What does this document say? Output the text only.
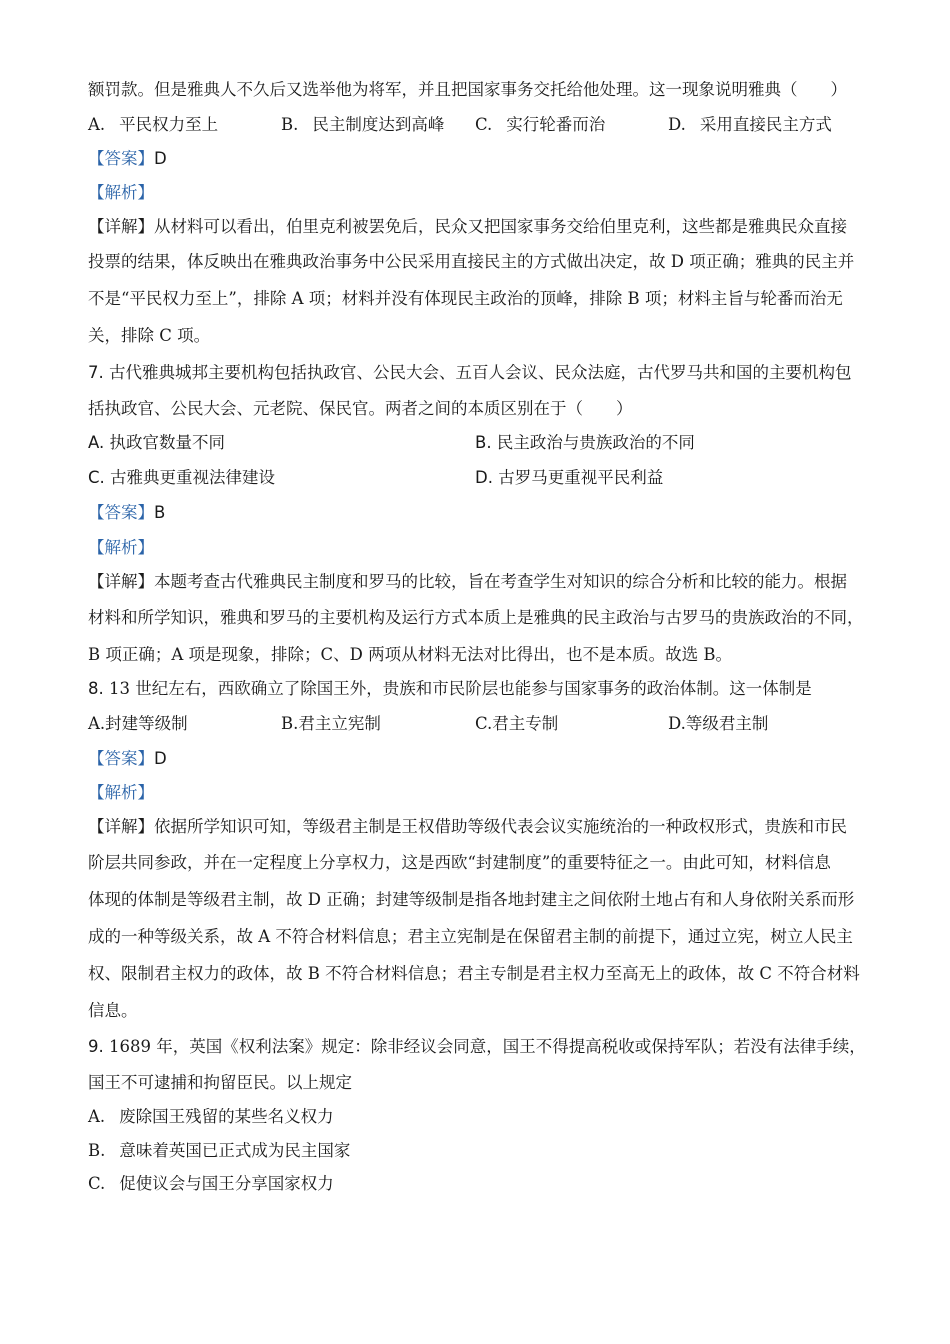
额罚款。但是雅典人不久后又选举他为将军，并且把国家事务交托给他处理。这一现象说明雅典（　　）
A. 平民权力至上	B. 民主制度达到高峰 C. 实行轮番而治	D. 采用直接民主方式
【答案】D
【解析】
【详解】从材料可以看出，伯里克利被罢免后，民众又把国家事务交给伯里克利，这些都是雅典民众直接
投票的结果，体反映出在雅典政治事务中公民采用直接民主的方式做出决定，故 D 项正确；雅典的民主并
不是“平民权力至上”，排除 A 项；材料并没有体现民主政治的顶峰，排除 B 项；材料主旨与轮番而治无
关，排除 C 项。
7. 古代雅典城邦主要机构包括执政官、公民大会、五百人会议、民众法庭，古代罗马共和国的主要机构包
括执政官、公民大会、元老院、保民官。两者之间的本质区别在于（　　）
A. 执政官数量不同	B. 民主政治与贵族政治的不同
C. 古雅典更重视法律建设	D. 古罗马更重视平民利益
【答案】B
【解析】
【详解】本题考查古代雅典民主制度和罗马的比较，旨在考查学生对知识的综合分析和比较的能力。根据
材料和所学知识，雅典和罗马的主要机构及运行方式本质上是雅典的民主政治与古罗马的贵族政治的不同，
B 项正确；A 项是现象，排除；C、D 两项从材料无法对比得出，也不是本质。故选 B。
8. 13 世纪左右，西欧确立了除国王外，贵族和市民阶层也能参与国家事务的政治体制。这一体制是
A.封建等级制	B.君主立宪制	C.君主专制	D.等级君主制
【答案】D
【解析】
【详解】依据所学知识可知，等级君主制是王权借助等级代表会议实施统治的一种政权形式，贵族和市民
阶层共同参政，并在一定程度上分享权力，这是西欧“封建制度”的重要特征之一。由此可知，材料信息
体现的体制是等级君主制，故 D 正确；封建等级制是指各地封建主之间依附土地占有和人身依附关系而形
成的一种等级关系，故 A 不符合材料信息；君主立宪制是在保留君主制的前提下，通过立宪，树立人民主
权、限制君主权力的政体，故 B 不符合材料信息；君主专制是君主权力至高无上的政体，故 C 不符合材料
信息。
9. 1689 年，英国《权利法案》规定：除非经议会同意，国王不得提高税收或保持军队；若没有法律手续，
国王不可逮捕和拘留臣民。以上规定
A. 废除国王残留的某些名义权力
B. 意味着英国已正式成为民主国家
C. 促使议会与国王分享国家权力
